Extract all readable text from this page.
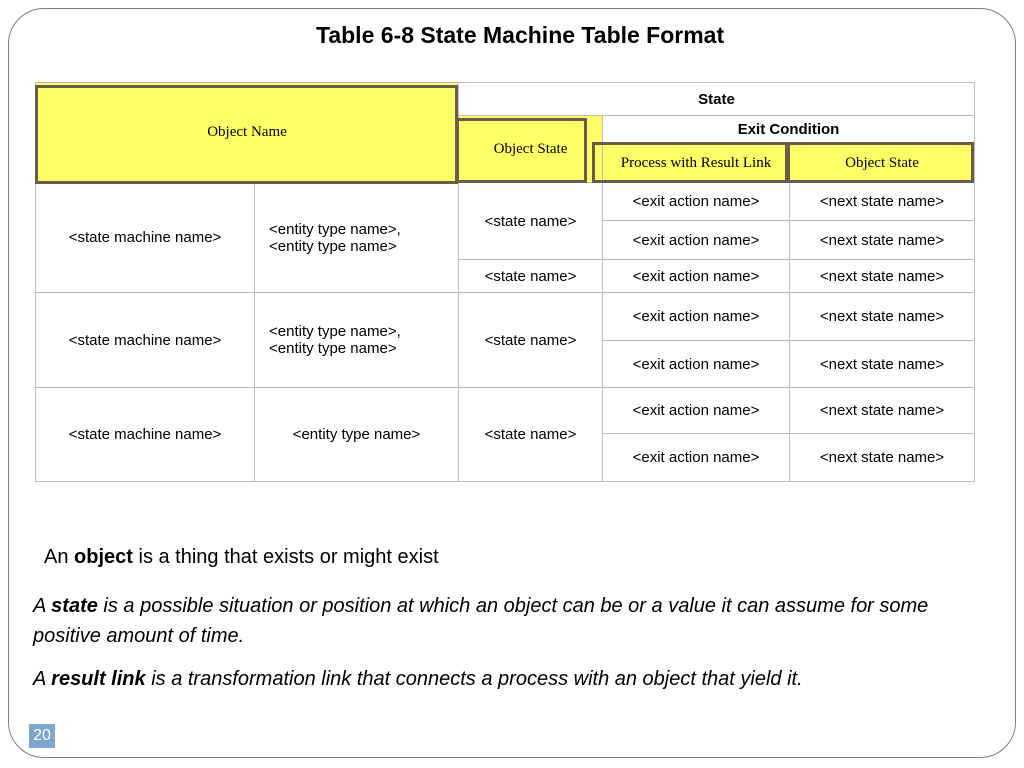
Table 6-8 State Machine Table Format
Object Name		State		
		Object State	Exit Condition	
			Process with Result Link	Object State
<state machine name>	<entity type name>,
<entity type name>	<state name>	<exit action name>	<next state name>
			<exit action name>	<next state name>
		<state name>	<exit action name>	<next state name>
<state machine name>	<entity type name>,
<entity type name>	<state name>	<exit action name>	<next state name>
			<exit action name>	<next state name>
<state machine name>	<entity type name>	<state name>	<exit action name>	<next state name>
			<exit action name>	<next state name>
An object is a thing that exists or might exist
A state is a possible situation or position at which an object can be or a value it can assume for some positive amount of time.
A result link is a transformation link that connects a process with an object that yield it.
20
